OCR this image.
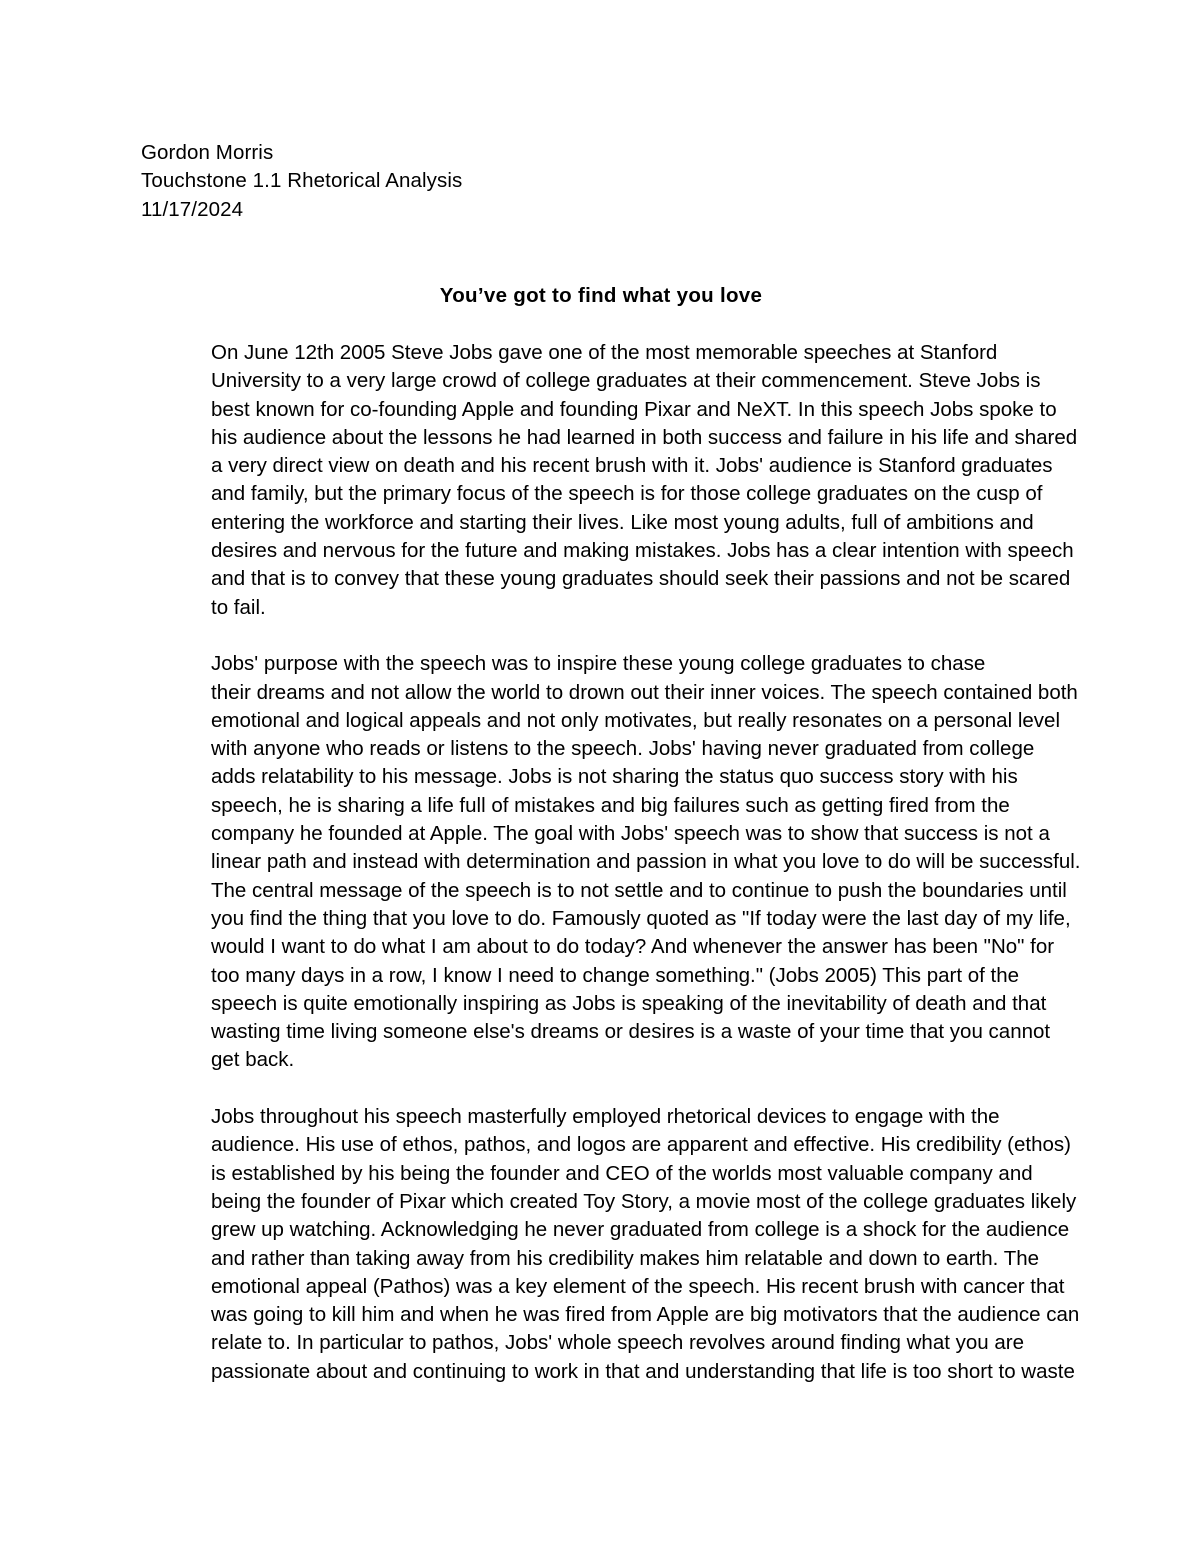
Gordon Morris
Touchstone 1.1 Rhetorical Analysis
11/17/2024
You’ve got to find what you love
On June 12th 2005 Steve Jobs gave one of the most memorable speeches at Stanford
University to a very large crowd of college graduates at their commencement. Steve Jobs is
best known for co-founding Apple and founding Pixar and NeXT. In this speech Jobs spoke to
his audience about the lessons he had learned in both success and failure in his life and shared
a very direct view on death and his recent brush with it. Jobs' audience is Stanford graduates
and family, but the primary focus of the speech is for those college graduates on the cusp of
entering the workforce and starting their lives. Like most young adults, full of ambitions and
desires and nervous for the future and making mistakes. Jobs has a clear intention with speech
and that is to convey that these young graduates should seek their passions and not be scared
to fail.
Jobs' purpose with the speech was to inspire these young college graduates to chase
their dreams and not allow the world to drown out their inner voices. The speech contained both
emotional and logical appeals and not only motivates, but really resonates on a personal level
with anyone who reads or listens to the speech. Jobs' having never graduated from college
adds relatability to his message. Jobs is not sharing the status quo success story with his
speech, he is sharing a life full of mistakes and big failures such as getting fired from the
company he founded at Apple. The goal with Jobs' speech was to show that success is not a
linear path and instead with determination and passion in what you love to do will be successful.
The central message of the speech is to not settle and to continue to push the boundaries until
you find the thing that you love to do. Famously quoted as "If today were the last day of my life,
would I want to do what I am about to do today? And whenever the answer has been "No" for
too many days in a row, I know I need to change something." (Jobs 2005) This part of the
speech is quite emotionally inspiring as Jobs is speaking of the inevitability of death and that
wasting time living someone else's dreams or desires is a waste of your time that you cannot
get back.
Jobs throughout his speech masterfully employed rhetorical devices to engage with the
audience. His use of ethos, pathos, and logos are apparent and effective. His credibility (ethos)
is established by his being the founder and CEO of the worlds most valuable company and
being the founder of Pixar which created Toy Story, a movie most of the college graduates likely
grew up watching. Acknowledging he never graduated from college is a shock for the audience
and rather than taking away from his credibility makes him relatable and down to earth. The
emotional appeal (Pathos) was a key element of the speech. His recent brush with cancer that
was going to kill him and when he was fired from Apple are big motivators that the audience can
relate to. In particular to pathos, Jobs' whole speech revolves around finding what you are
passionate about and continuing to work in that and understanding that life is too short to waste
